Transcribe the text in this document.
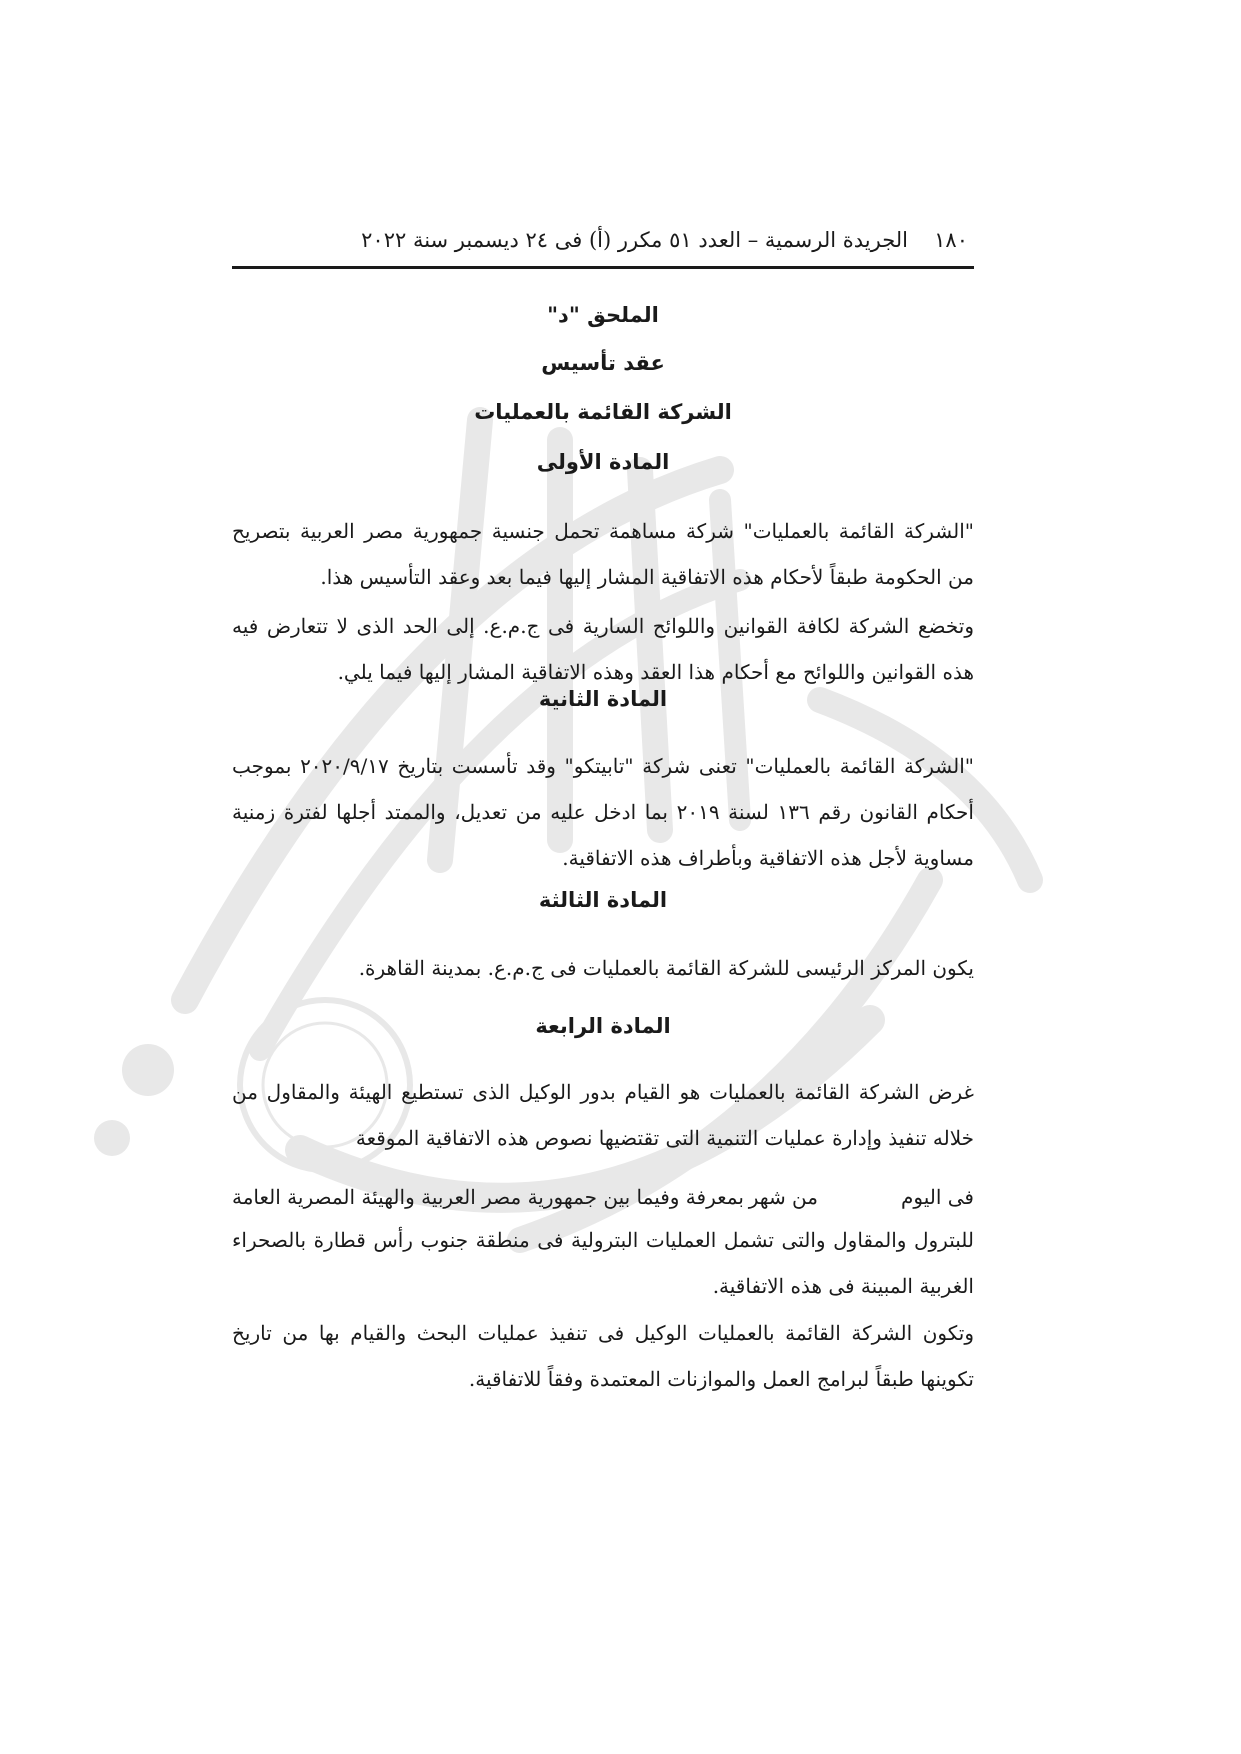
١٨٠
الجريدة الرسمية – العدد ٥١ مكرر (أ) فى ٢٤ ديسمبر سنة ٢٠٢٢
الملحق "د"
عقد تأسيس
الشركة القائمة بالعمليات
المادة الأولى
"الشركة القائمة بالعمليات" شركة مساهمة تحمل جنسية جمهورية مصر العربية بتصريح من الحكومة طبقاً لأحكام هذه الاتفاقية المشار إليها فيما بعد وعقد التأسيس هذا.
وتخضع الشركة لكافة القوانين واللوائح السارية فى ج.م.ع. إلى الحد الذى لا تتعارض فيه هذه القوانين واللوائح مع أحكام هذا العقد وهذه الاتفاقية المشار إليها فيما يلي.
المادة الثانية
"الشركة القائمة بالعمليات" تعنى شركة "تابيتكو" وقد تأسست بتاريخ ٢٠٢٠/٩/١٧ بموجب أحكام القانون رقم ١٣٦ لسنة ٢٠١٩ بما ادخل عليه من تعديل، والممتد أجلها لفترة زمنية مساوية لأجل هذه الاتفاقية وبأطراف هذه الاتفاقية.
المادة الثالثة
يكون المركز الرئيسى للشركة القائمة بالعمليات فى ج.م.ع. بمدينة القاهرة.
المادة الرابعة
غرض الشركة القائمة بالعمليات هو القيام بدور الوكيل الذى تستطيع الهيئة والمقاول من خلاله تنفيذ وإدارة عمليات التنمية التى تقتضيها نصوص هذه الاتفاقية الموقعة
فى اليوم
من شهر
بمعرفة وفيما بين جمهورية مصر العربية والهيئة المصرية العامة
للبترول والمقاول والتى تشمل العمليات البترولية فى منطقة جنوب رأس قطارة بالصحراء الغربية المبينة فى هذه الاتفاقية.
وتكون الشركة القائمة بالعمليات الوكيل فى تنفيذ عمليات البحث والقيام بها من تاريخ تكوينها طبقاً لبرامج العمل والموازنات المعتمدة وفقاً للاتفاقية.
